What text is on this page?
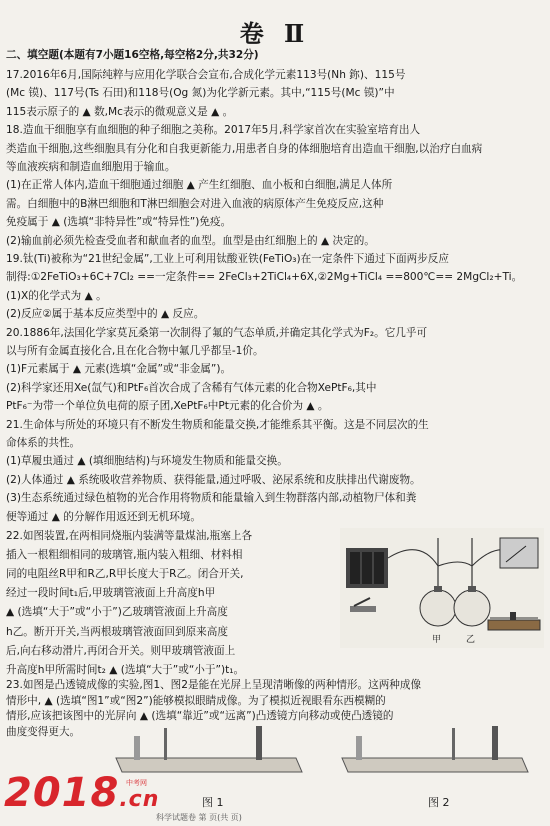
卷 Ⅱ
二、填空题(本题有7小题16空格,每空格2分,共32分)
17.2016年6月,国际纯粹与应用化学联合会宣布,合成化学元素113号(Nh 鉨)、115号
(Mc 镆)、117号(Ts 石田)和118号(Og 氮)为化学新元素。其中,“115号(Mc 镆)”中
115表示原子的 ▲ 数,Mc表示的微观意义是 ▲ 。
18.造血干细胞享有血细胞的种子细胞之美称。2017年5月,科学家首次在实验室培育出人
类造血干细胞,这些细胞具有分化和自我更新能力,用患者自身的体细胞培育出造血干细胞,以治疗白血病
等血液疾病和制造血细胞用于输血。
(1)在正常人体内,造血干细胞通过细胞 ▲ 产生红细胞、血小板和白细胞,满足人体所
需。白细胞中的B淋巴细胞和T淋巴细胞会对进入血液的病原体产生免疫反应,这种
免疫属于 ▲ (选填“非特异性”或“特异性”)免疫。
(2)输血前必须先检查受血者和献血者的血型。血型是由红细胞上的 ▲ 决定的。
19.钛(Ti)被称为“21世纪金属”,工业上可利用钛酸亚铁(FeTiO₃)在一定条件下通过下面两步反应
制得:①2FeTiO₃+6C+7Cl₂ ==一定条件== 2FeCl₃+2TiCl₄+6X,②2Mg+TiCl₄ ==800℃== 2MgCl₂+Ti。
(1)X的化学式为 ▲ 。
(2)反应②属于基本反应类型中的 ▲ 反应。
20.1886年,法国化学家莫瓦桑第一次制得了氟的气态单质,并确定其化学式为F₂。它几乎可
以与所有金属直接化合,且在化合物中氟几乎都呈-1价。
(1)F元素属于 ▲ 元素(选填“金属”或“非金属”)。
(2)科学家还用Xe(氙气)和PtF₆首次合成了含稀有气体元素的化合物XePtF₆,其中
PtF₆⁻为带一个单位负电荷的原子团,XePtF₆中Pt元素的化合价为 ▲ 。
21.生命体与所处的环境只有不断发生物质和能量交换,才能维系其平衡。这是不同层次的生
命体系的共性。
(1)草履虫通过 ▲ (填细胞结构)与环境发生物质和能量交换。
(2)人体通过 ▲ 系统吸收营养物质、获得能量,通过呼吸、泌尿系统和皮肤排出代谢废物。
(3)生态系统通过绿色植物的光合作用将物质和能量输入到生物群落内部,动植物尸体和粪
便等通过 ▲ 的分解作用返还到无机环境。
22.如图装置,在两相同烧瓶内装满等量煤油,瓶塞上各
插入一根粗细相同的玻璃管,瓶内装入粗细、材料相
同的电阻丝R甲和R乙,R甲长度大于R乙。闭合开关,
经过一段时间t₁后,甲玻璃管液面上升高度h甲
▲ (选填“大于”或“小于”)乙玻璃管液面上升高度
h乙。断开开关,当两根玻璃管液面回到原来高度
后,向右移动滑片,再闭合开关。则甲玻璃管液面上
升高度h甲所需时间t₂ ▲ (选填“大于”或“小于”)t₁。
甲	乙
23.如图是凸透镜成像的实验,图1、图2是能在光屏上呈现清晰像的两种情形。这两种成像
情形中, ▲ (选填“图1”或“图2”)能够模拟眼睛成像。为了模拟近视眼看东西模糊的
情形,应该把该图中的光屏向 ▲ (选填“靠近”或“远离”)凸透镜方向移动或使凸透镜的
曲度变得更大。
图 1	图 2
科学试题卷 第 页(共 页)
2018.cn
中考网
